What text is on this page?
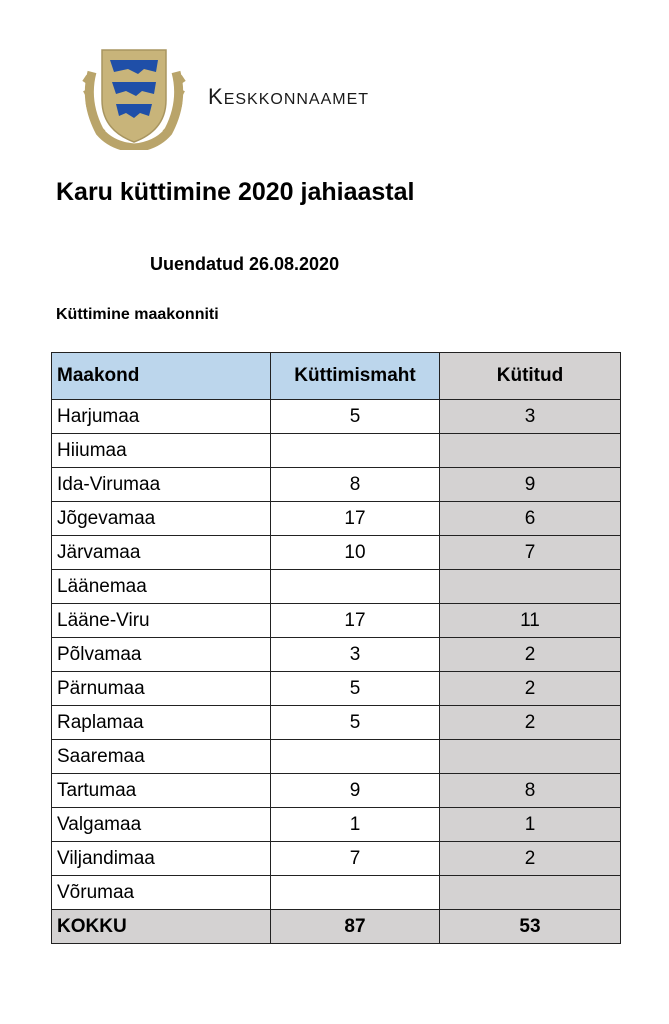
KESKKONNAAMET
Karu küttimine 2020 jahiaastal
Uuendatud 26.08.2020
Küttimine maakonniti
Maakond	Küttimismaht	Kütitud
Harjumaa	5	3
Hiiumaa		
Ida-Virumaa	8	9
Jõgevamaa	17	6
Järvamaa	10	7
Läänemaa		
Lääne-Viru	17	11
Põlvamaa	3	2
Pärnumaa	5	2
Raplamaa	5	2
Saaremaa		
Tartumaa	9	8
Valgamaa	1	1
Viljandimaa	7	2
Võrumaa		
KOKKU	87	53
